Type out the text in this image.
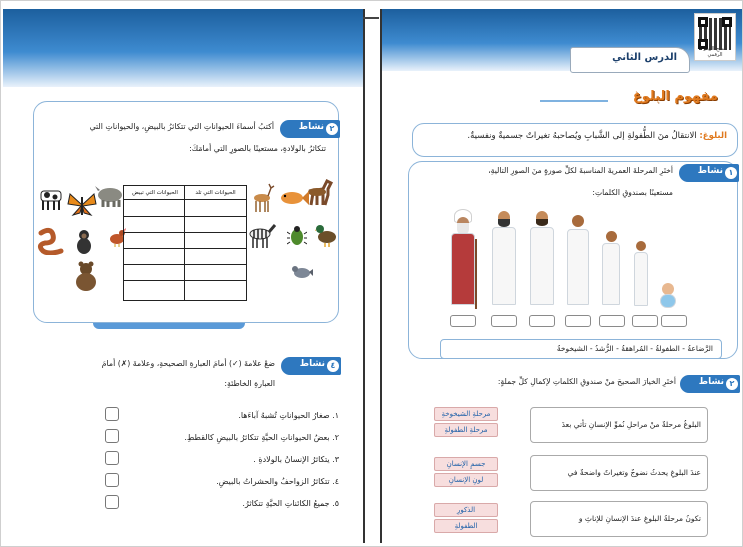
٢
نشاط
أكتبُ أسماءَ الحيواناتِ التي تتكاثرُ بالبيضِ، والحيواناتِ التي
تتكاثرُ بالولادةِ، مستعينًا بالصورِ التي أمامَكَ:
الحيوانات التي تلد
الحيوانات التي تبيض
٤
نشاط
ضعْ علامةَ (✓) أمامَ العبارةِ الصحيحةِ، وعلامةَ (✗) أمامَ
العبارةِ الخاطئةِ:
١. صغارُ الحيواناتِ تُشبهُ آباءَها.
٢. بعضُ الحيواناتِ الحيَّةِ تتكاثرُ بالبيضِ كالقططِ.
٣. يتكاثرُ الإنسانُ بالولادةِ .
٤. تتكاثرُ الزواحفُ والحشراتُ بالبيضِ.
٥. جميعُ الكائناتِ الحيَّةِ تتكاثرُ.
مسح الرمز الرقمي
الدرس الثاني
مفهوم البلوغ
البلوغ: الانتقالُ منَ الطُّفولةِ إلى الشَّبابِ ويُصاحبهُ تغيراتٌ جسميةٌ ونفسيةٌ.
١
نشاط
أختَرِ المرحلةَ العمريةَ المناسبةَ لكلِّ صورةٍ منَ الصورِ التاليةِ،
مستعينًا بصندوقِ الكلماتِ:
الرَّضاعةُ - الطفولةُ - المُراهقةُ - الرُّشدُ - الشيخوخةُ
٢
نشاط
أختَرِ الخيارَ الصحيحَ منْ صندوقِ الكلماتِ لإكمالِ كلِّ جملةٍ:
البلوغُ مرحلةٌ منْ مراحلِ نُموِّ الإنسانِ تأتي بعدَ
عندَ البلوغِ يحدثُ نضوجٌ وتغيراتٌ واضحةٌ في
تكونُ مرحلةُ البلوغِ عندَ الإنسانِ للإناثِ و
مرحلةِ الشيخوخةِ
مرحلةِ الطفولةِ
جسمِ الإنسانِ
لونِ الإنسانِ
الذكورِ
الطفولةِ
